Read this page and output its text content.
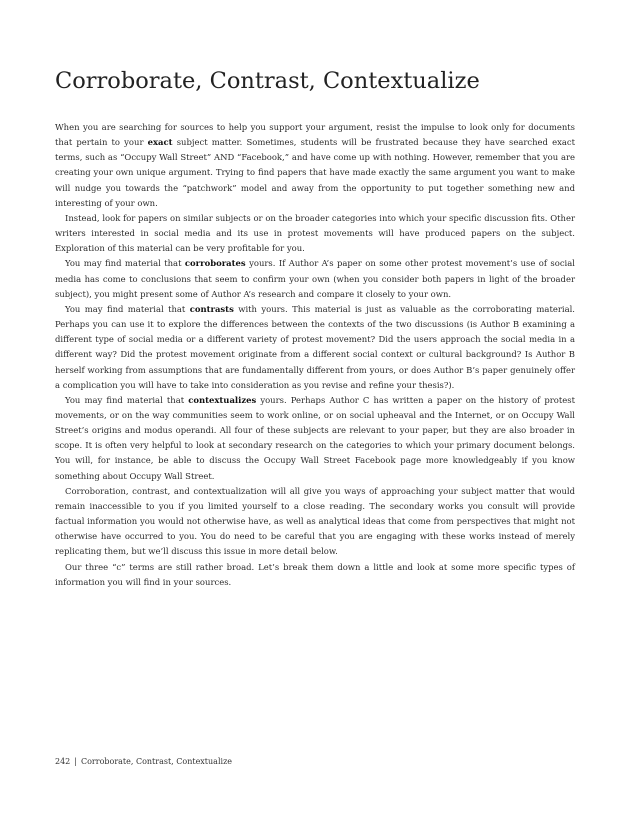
Corroborate, Contrast, Contextualize

When you are searching for sources to help you support your argument, resist the impulse to look only for documents that pertain to your exact subject matter. Sometimes, students will be frustrated because they have searched exact terms, such as “Occupy Wall Street” AND “Facebook,” and have come up with nothing. However, remember that you are creating your own unique argument. Trying to find papers that have made exactly the same argument you want to make will nudge you towards the “patchwork” model and away from the opportunity to put together something new and interesting of your own.

Instead, look for papers on similar subjects or on the broader categories into which your specific discussion fits. Other writers interested in social media and its use in protest movements will have produced papers on the subject. Exploration of this material can be very profitable for you.

You may find material that corroborates yours. If Author A’s paper on some other protest movement’s use of social media has come to conclusions that seem to confirm your own (when you consider both papers in light of the broader subject), you might present some of Author A’s research and compare it closely to your own.

You may find material that contrasts with yours. This material is just as valuable as the corroborating material. Perhaps you can use it to explore the differences between the contexts of the two discussions (is Author B examining a different type of social media or a different variety of protest movement? Did the users approach the social media in a different way? Did the protest movement originate from a different social context or cultural background? Is Author B herself working from assumptions that are fundamentally different from yours, or does Author B’s paper genuinely offer a complication you will have to take into consideration as you revise and refine your thesis?).

You may find material that contextualizes yours. Perhaps Author C has written a paper on the history of protest movements, or on the way communities seem to work online, or on social upheaval and the Internet, or on Occupy Wall Street’s origins and modus operandi. All four of these subjects are relevant to your paper, but they are also broader in scope. It is often very helpful to look at secondary research on the categories to which your primary document belongs. You will, for instance, be able to discuss the Occupy Wall Street Facebook page more knowledgeably if you know something about Occupy Wall Street.

Corroboration, contrast, and contextualization will all give you ways of approaching your subject matter that would remain inaccessible to you if you limited yourself to a close reading. The secondary works you consult will provide factual information you would not otherwise have, as well as analytical ideas that come from perspectives that might not otherwise have occurred to you. You do need to be careful that you are engaging with these works instead of merely replicating them, but we’ll discuss this issue in more detail below.

Our three “c” terms are still rather broad. Let’s break them down a little and look at some more specific types of information you will find in your sources.

242 | Corroborate, Contrast, Contextualize
